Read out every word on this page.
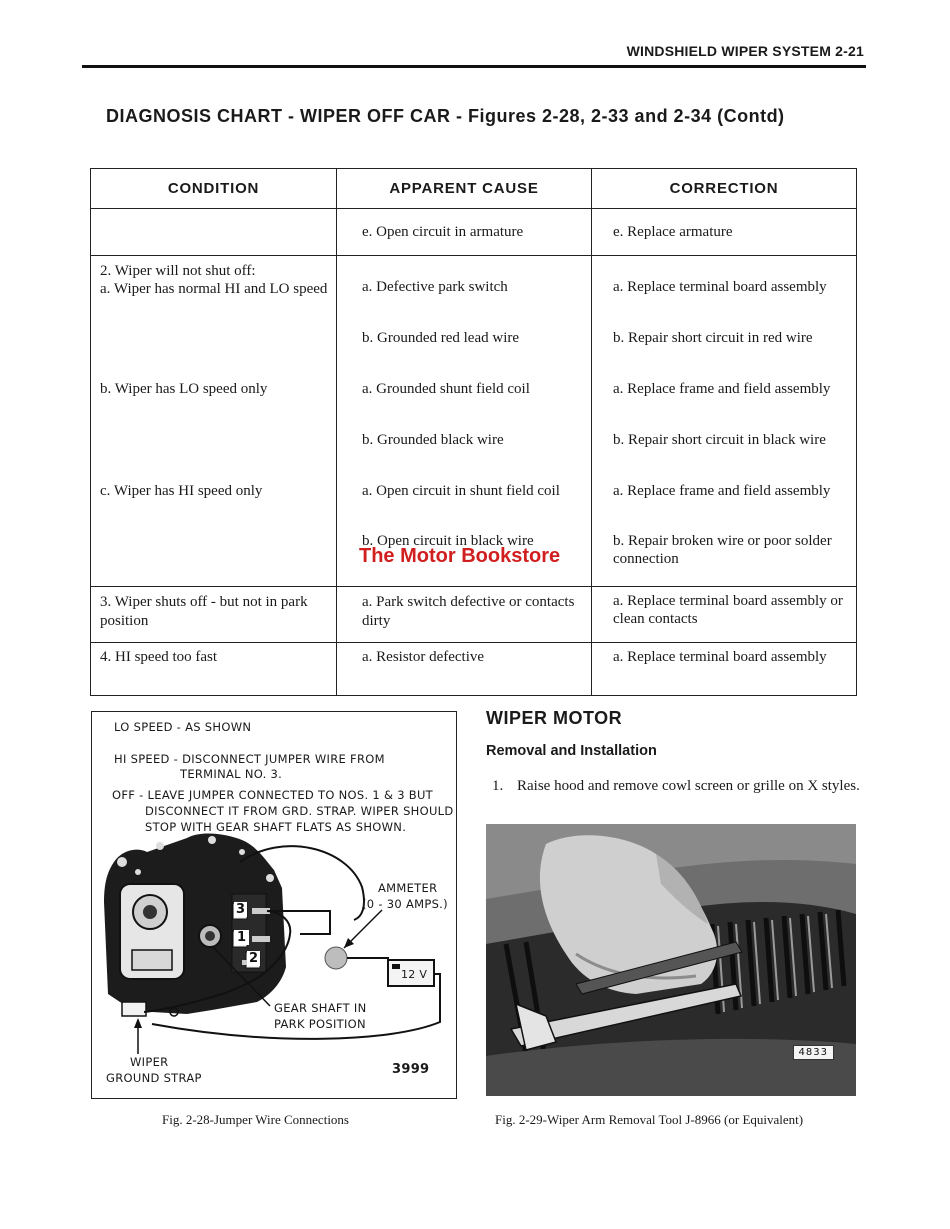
WINDSHIELD WIPER SYSTEM 2-21
DIAGNOSIS CHART - WIPER OFF CAR - Figures 2-28, 2-33 and 2-34 (Contd)
CONDITION	APPARENT CAUSE	CORRECTION

	e. Open circuit in armature	e. Replace armature

2. Wiper will not shut off:
a. Wiper has normal HI and LO speed	a. Defective park switch	a. Replace terminal board assembly

	b. Grounded red lead wire	b. Repair short circuit in red wire

b. Wiper has LO speed only	a. Grounded shunt field coil	a. Replace frame and field assembly

	b. Grounded black wire	b. Repair short circuit in black wire

c. Wiper has HI speed only	a. Open circuit in shunt field coil	a. Replace frame and field assembly

	b. Open circuit in black wire	b. Repair broken wire or poor solder connection

3. Wiper shuts off - but not in park position	a. Park switch defective or contacts dirty	a. Replace terminal board assembly or clean contacts

4. HI speed too fast	a. Resistor defective	a. Replace terminal board assembly
The Motor Bookstore
LO SPEED - AS SHOWN
HI SPEED - DISCONNECT JUMPER WIRE FROM
TERMINAL NO. 3.
OFF - LEAVE JUMPER CONNECTED TO NOS. 1 & 3 BUT
DISCONNECT IT FROM GRD. STRAP. WIPER SHOULD
STOP WITH GEAR SHAFT FLATS AS SHOWN.
3
1
2
AMMETER
(0 - 30 AMPS.)
12 V
GEAR SHAFT IN
PARK POSITION
WIPER
GROUND STRAP
3999
Fig. 2-28-Jumper Wire Connections
WIPER MOTOR
Removal and Installation
1. Raise hood and remove cowl screen or grille on X styles.
4833
Fig. 2-29-Wiper Arm Removal Tool J-8966 (or Equivalent)
